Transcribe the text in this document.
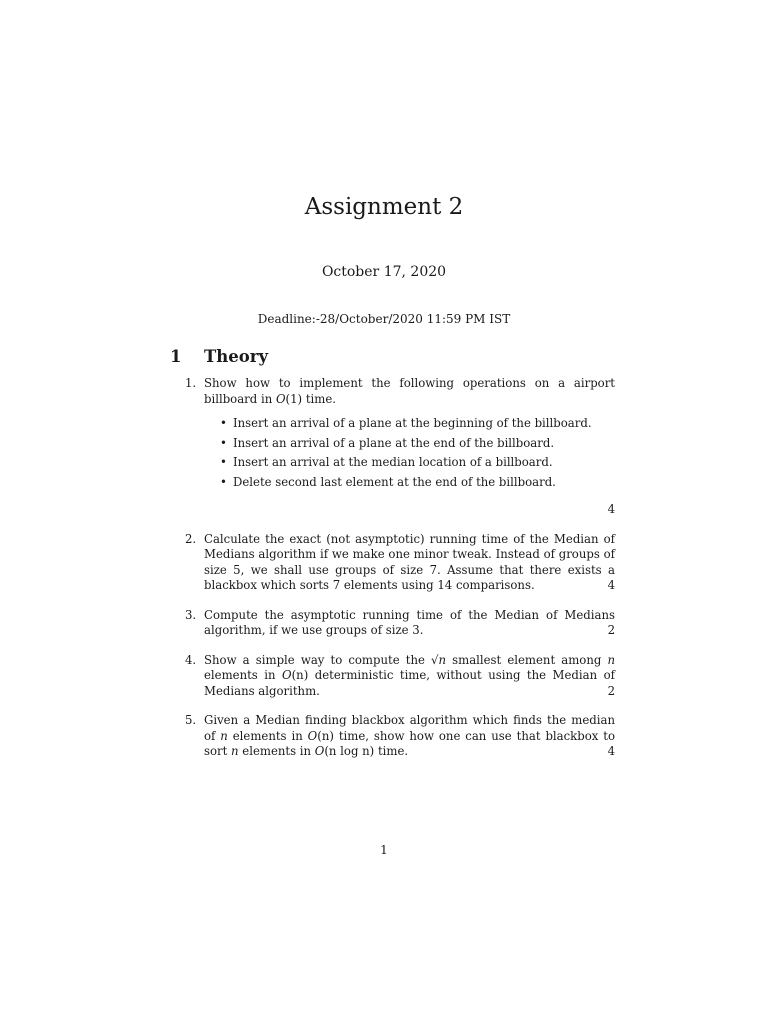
Assignment 2
October 17, 2020
Deadline:-28/October/2020 11:59 PM IST
1 Theory
1. Show how to implement the following operations on a airport billboard in O(1) time.
• Insert an arrival of a plane at the beginning of the billboard.
• Insert an arrival of a plane at the end of the billboard.
• Insert an arrival at the median location of a billboard.
• Delete second last element at the end of the billboard.
4
2. Calculate the exact (not asymptotic) running time of the Median of Medians algorithm if we make one minor tweak. Instead of groups of size 5, we shall use groups of size 7. Assume that there exists a blackbox which sorts 7 elements using 14 comparisons.	4
3. Compute the asymptotic running time of the Median of Medians algorithm, if we use groups of size 3.	2
4. Show a simple way to compute the √n smallest element among n elements in O(n) deterministic time, without using the Median of Medians algorithm.	2
5. Given a Median finding blackbox algorithm which finds the median of n elements in O(n) time, show how one can use that blackbox to sort n elements in O(n log n) time.	4
1
